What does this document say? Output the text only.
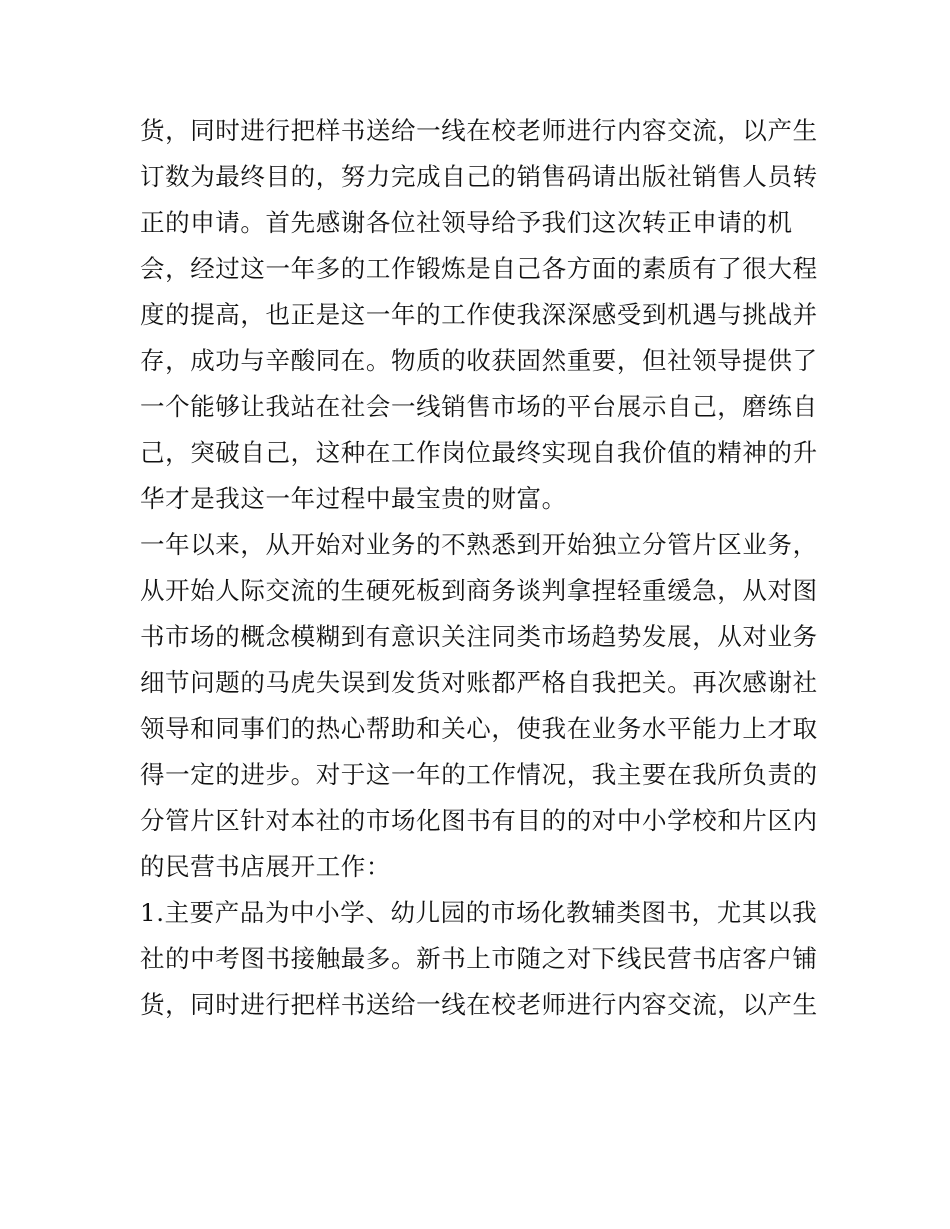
货，同时进行把样书送给一线在校老师进行内容交流，以产生
订数为最终目的，努力完成自己的销售码请出版社销售人员转
正的申请。首先感谢各位社领导给予我们这次转正申请的机
会，经过这一年多的工作锻炼是自己各方面的素质有了很大程
度的提高，也正是这一年的工作使我深深感受到机遇与挑战并
存，成功与辛酸同在。物质的收获固然重要，但社领导提供了
一个能够让我站在社会一线销售市场的平台展示自己，磨练自
己，突破自己，这种在工作岗位最终实现自我价值的精神的升
华才是我这一年过程中最宝贵的财富。
一年以来，从开始对业务的不熟悉到开始独立分管片区业务，
从开始人际交流的生硬死板到商务谈判拿捏轻重缓急，从对图
书市场的概念模糊到有意识关注同类市场趋势发展，从对业务
细节问题的马虎失误到发货对账都严格自我把关。再次感谢社
领导和同事们的热心帮助和关心，使我在业务水平能力上才取
得一定的进步。对于这一年的工作情况，我主要在我所负责的
分管片区针对本社的市场化图书有目的的对中小学校和片区内
的民营书店展开工作：
1.主要产品为中小学、幼儿园的市场化教辅类图书，尤其以我
社的中考图书接触最多。新书上市随之对下线民营书店客户铺
货，同时进行把样书送给一线在校老师进行内容交流，以产生
